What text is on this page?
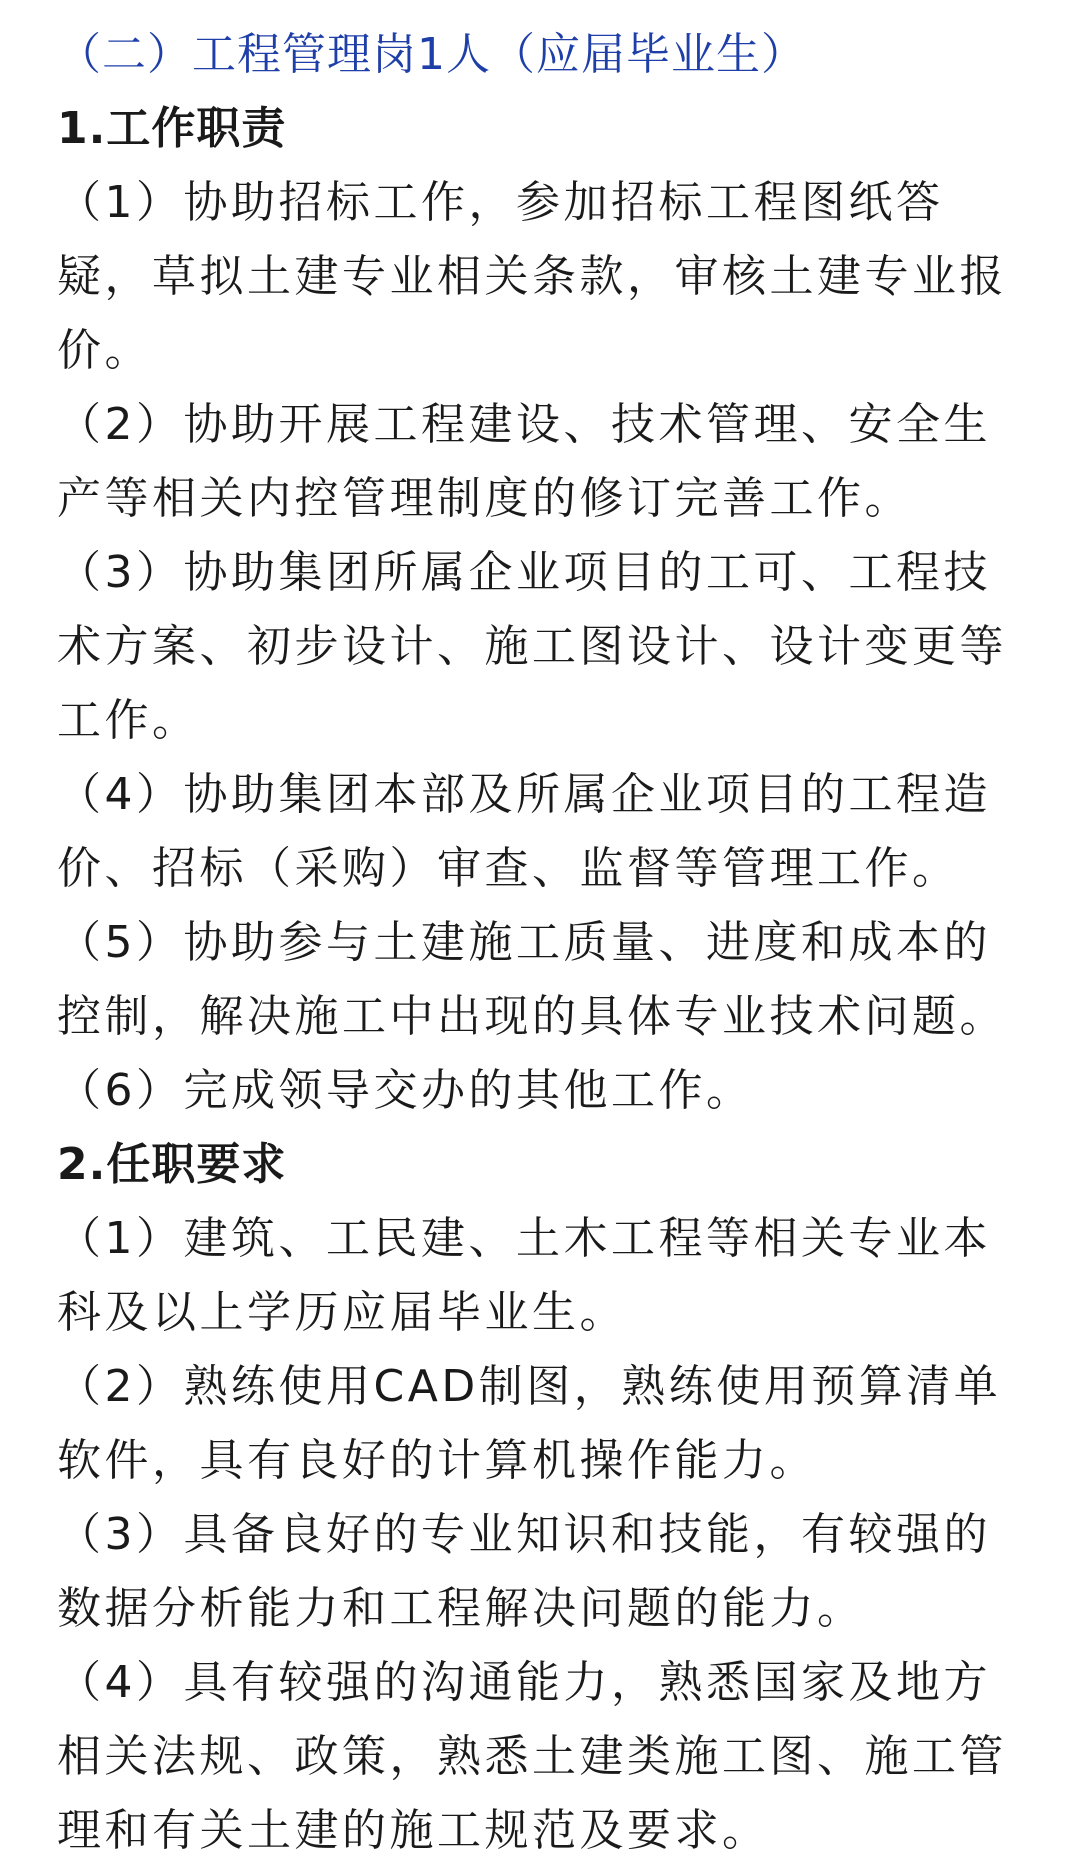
（二）工程管理岗1人（应届毕业生）
1.工作职责

（1）协助招标工作，参加招标工程图纸答疑，草拟土建专业相关条款，审核土建专业报价。

（2）协助开展工程建设、技术管理、安全生产等相关内控管理制度的修订完善工作。

（3）协助集团所属企业项目的工可、工程技术方案、初步设计、施工图设计、设计变更等工作。

（4）协助集团本部及所属企业项目的工程造价、招标（采购）审查、监督等管理工作。

（5）协助参与土建施工质量、进度和成本的控制，解决施工中出现的具体专业技术问题。

（6）完成领导交办的其他工作。

2.任职要求

（1）建筑、工民建、土木工程等相关专业本科及以上学历应届毕业生。

（2）熟练使用CAD制图，熟练使用预算清单软件，具有良好的计算机操作能力。

（3）具备良好的专业知识和技能，有较强的数据分析能力和工程解决问题的能力。

（4）具有较强的沟通能力，熟悉国家及地方相关法规、政策，熟悉土建类施工图、施工管理和有关土建的施工规范及要求。
